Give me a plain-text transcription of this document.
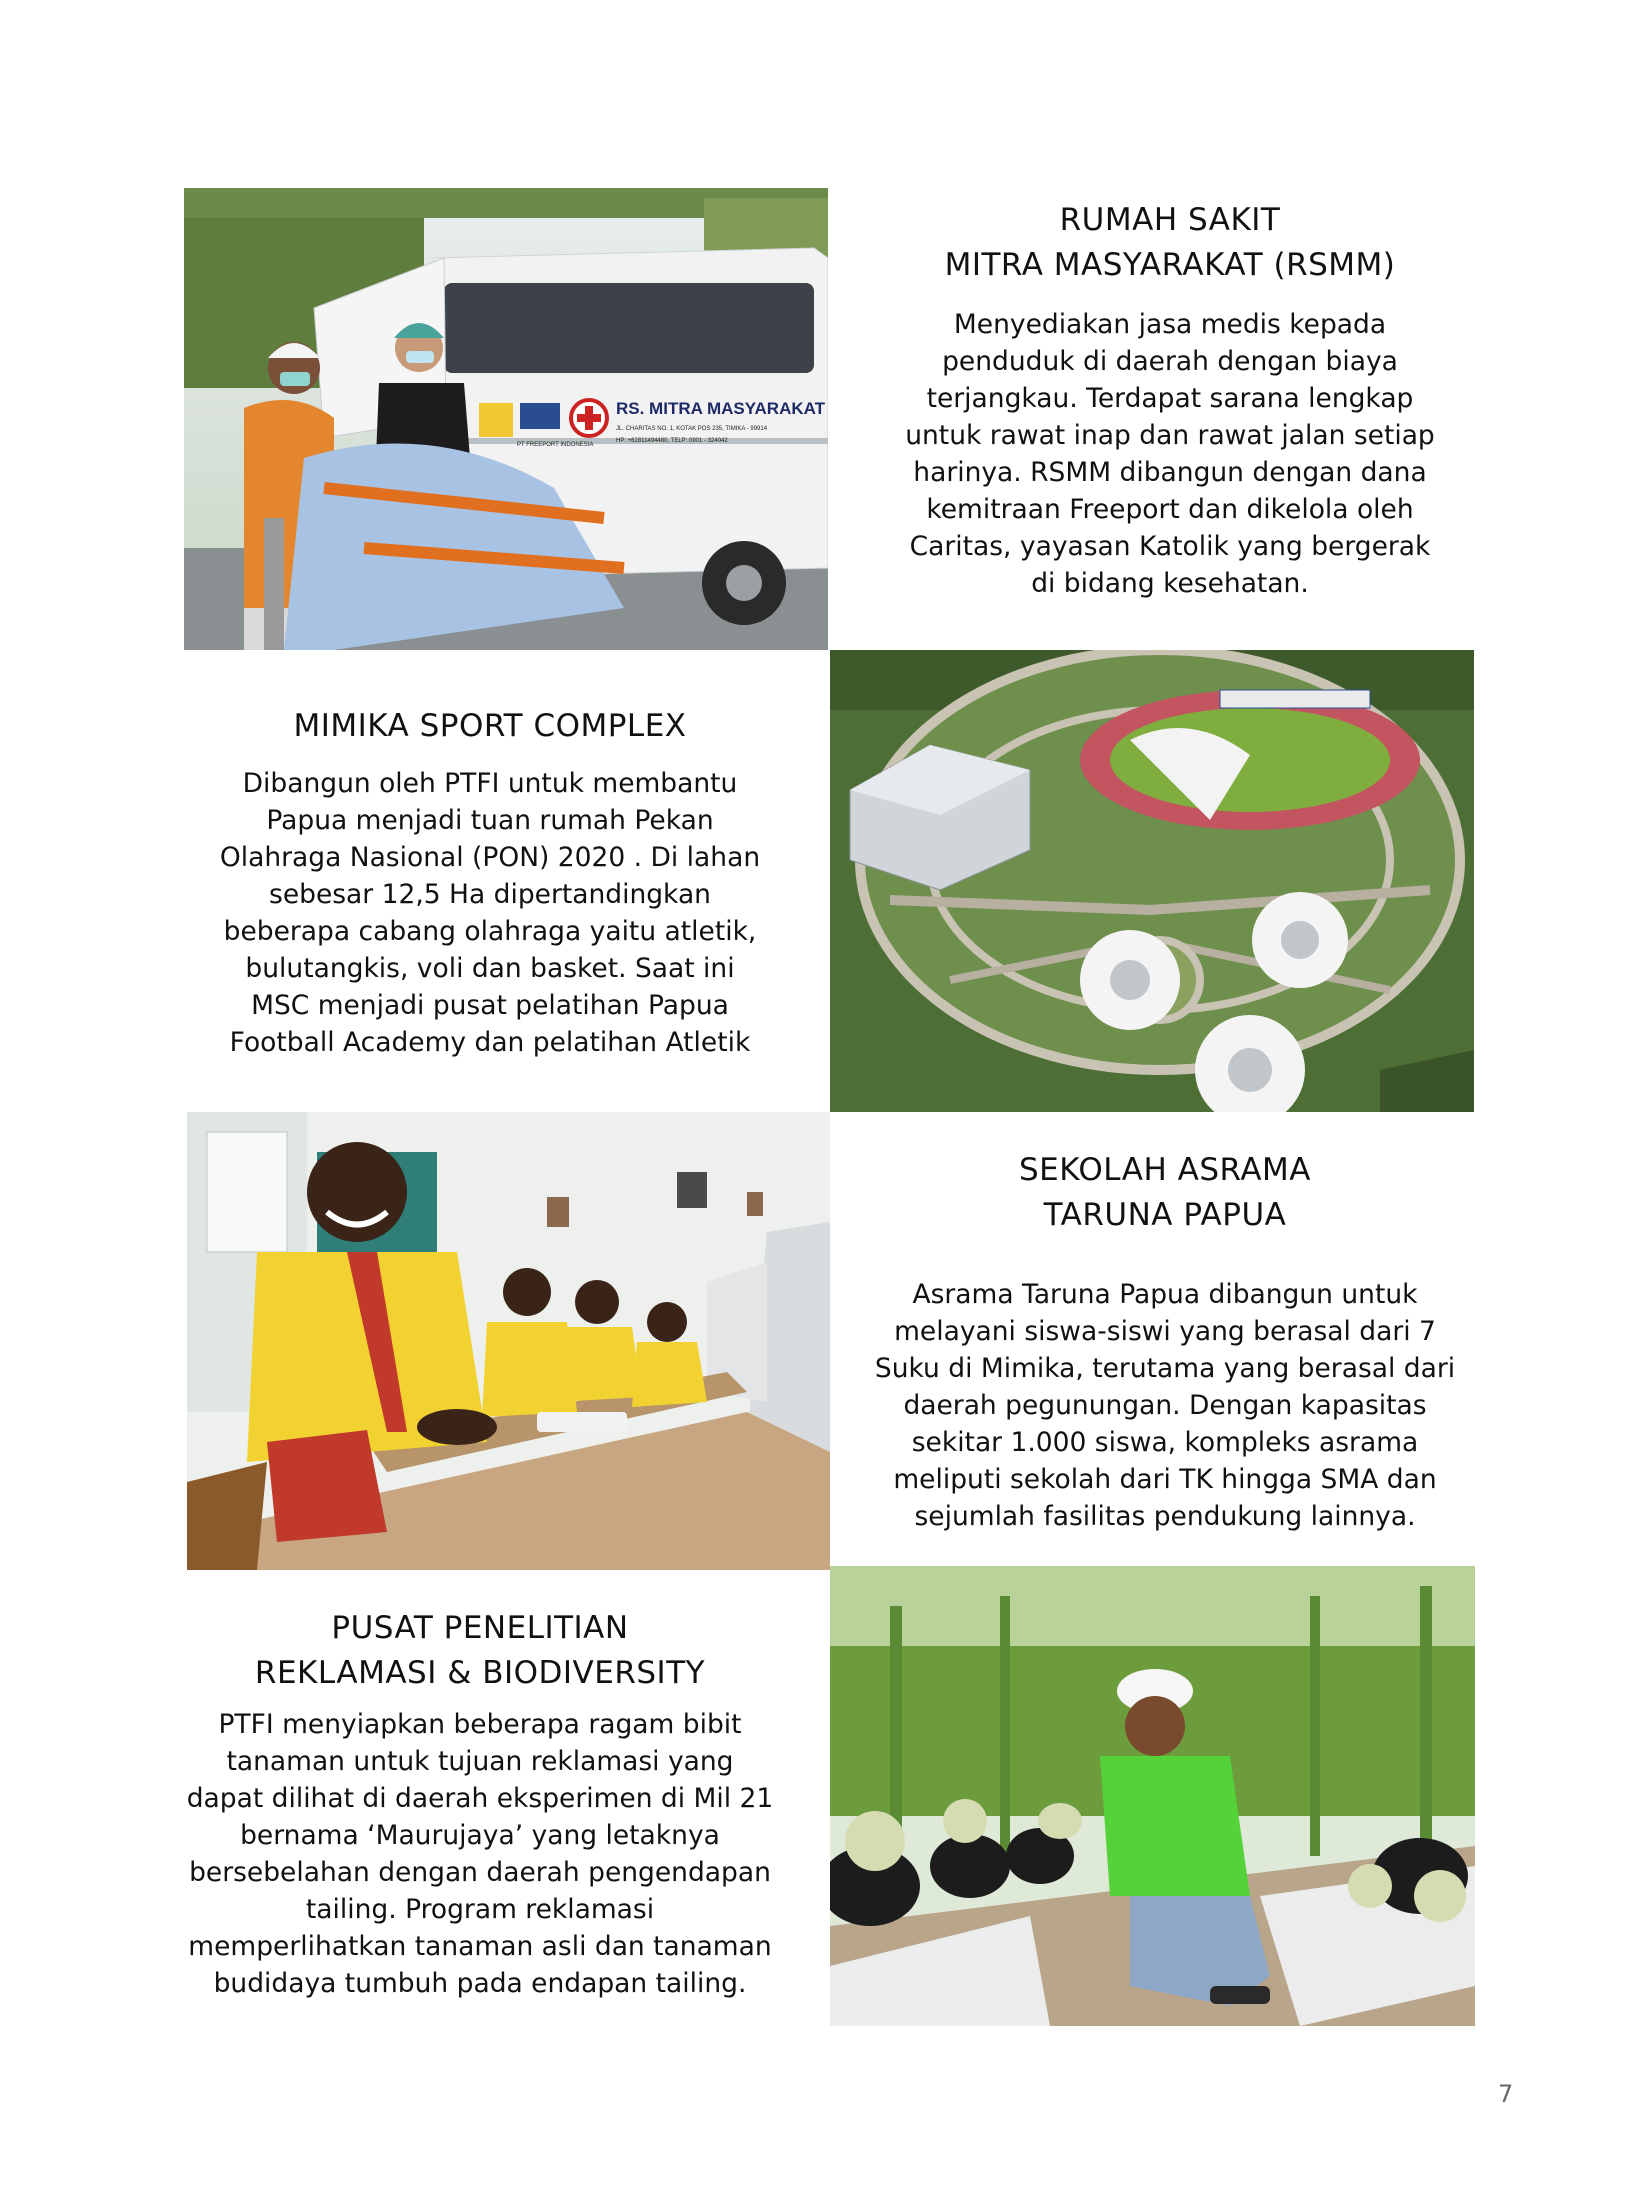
PT FREEPORT INDONESIA
RS. MITRA MASYARAKAT
JL. CHARITAS NO. 1, KOTAK POS 235, TIMIKA - 99914
HP: +62811494480, TELP: 0901 - 324042
RUMAH SAKIT
MITRA MASYARAKAT (RSMM)

Menyediakan jasa medis kepada
penduduk di daerah dengan biaya
terjangkau. Terdapat sarana lengkap
untuk rawat inap dan rawat jalan setiap
harinya. RSMM dibangun dengan dana
kemitraan Freeport dan dikelola oleh
Caritas, yayasan Katolik yang bergerak
di bidang kesehatan.

MIMIKA SPORT COMPLEX

Dibangun oleh PTFI untuk membantu
Papua menjadi tuan rumah Pekan
Olahraga Nasional (PON) 2020 . Di lahan
sebesar 12,5 Ha dipertandingkan
beberapa cabang olahraga yaitu atletik,
bulutangkis, voli dan basket. Saat ini
MSC menjadi pusat pelatihan Papua
Football Academy dan pelatihan Atletik

SEKOLAH ASRAMA
TARUNA PAPUA

Asrama Taruna Papua dibangun untuk
melayani siswa-siswi yang berasal dari 7
Suku di Mimika, terutama yang berasal dari
daerah pegunungan. Dengan kapasitas
sekitar 1.000 siswa, kompleks asrama
meliputi sekolah dari TK hingga SMA dan
sejumlah fasilitas pendukung lainnya.

PUSAT PENELITIAN
REKLAMASI & BIODIVERSITY

PTFI menyiapkan beberapa ragam bibit
tanaman untuk tujuan reklamasi yang
dapat dilihat di daerah eksperimen di Mil 21
bernama ‘Maurujaya’ yang letaknya
bersebelahan dengan daerah pengendapan
tailing. Program reklamasi
memperlihatkan tanaman asli dan tanaman
budidaya tumbuh pada endapan tailing.

7
